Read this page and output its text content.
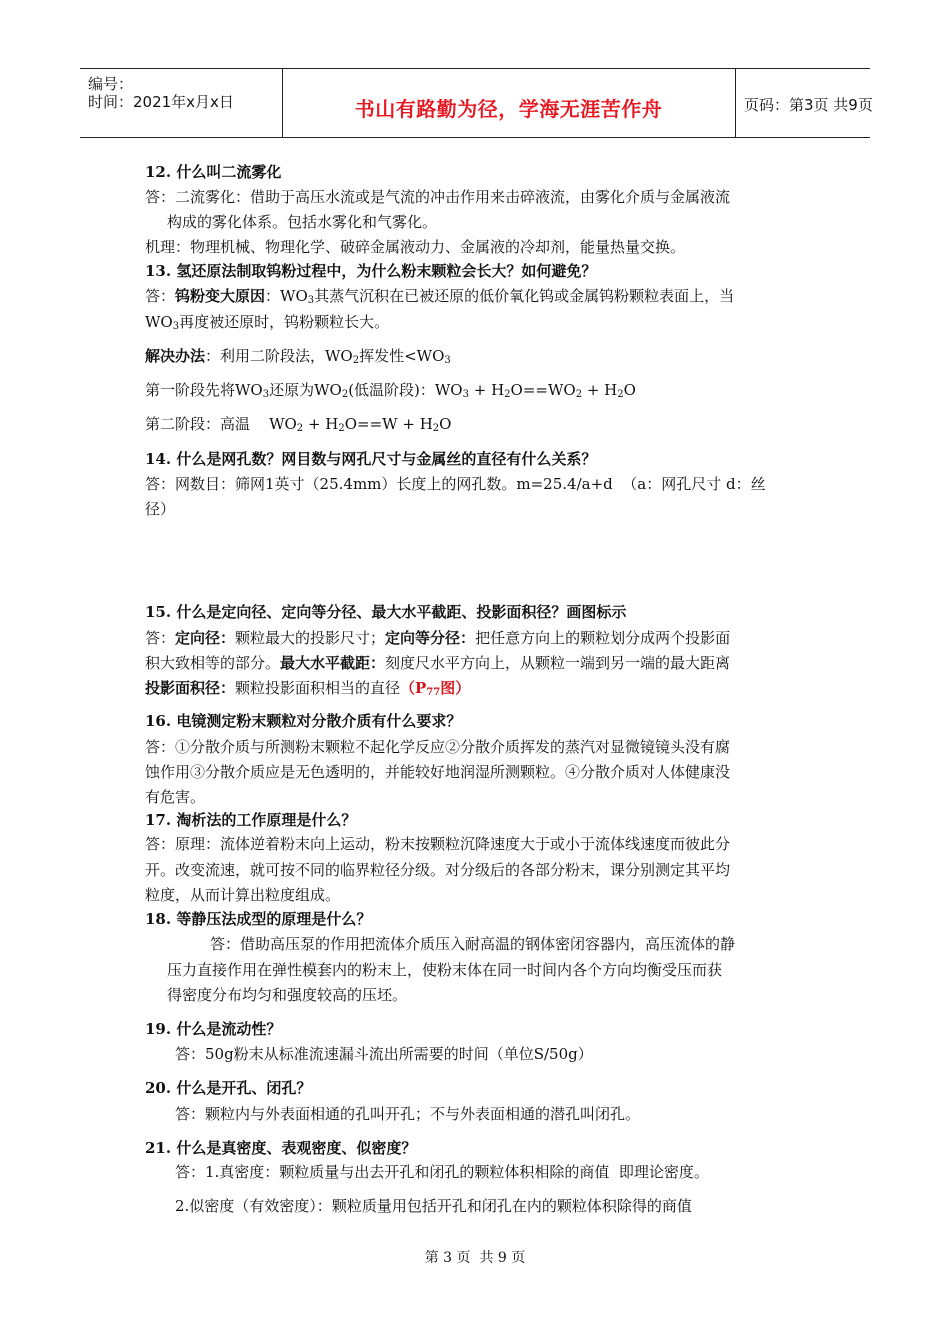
编号：
时间：2021年x月x日	书山有路勤为径，学海无涯苦作舟	页码：第3页 共9页
12. 什么叫二流雾化
答：二流雾化：借助于高压水流或是气流的冲击作用来击碎液流，由雾化介质与金属液流
构成的雾化体系。包括水雾化和气雾化。
机理：物理机械、物理化学、破碎金属液动力、金属液的冷却剂，能量热量交换。
13. 氢还原法制取钨粉过程中，为什么粉末颗粒会长大？如何避免？
答：钨粉变大原因：$WO_3$其蒸气沉积在已被还原的低价氧化钨或金属钨粉颗粒表面上，当
$WO_3$再度被还原时，钨粉颗粒长大。
解决办法：利用二阶段法，$WO_2$挥发性$<WO_3$
第一阶段先将$WO_3$还原为$WO_2$(低温阶段)：$WO_3 + H_2O==WO_2 + H_2O$
第二阶段：高温    $WO_2 + H_2O==W + H_2O$
14. 什么是网孔数？网目数与网孔尺寸与金属丝的直径有什么关系？
答：网数目：筛网1英寸（25.4mm）长度上的网孔数。m=25.4/a+d  （a：网孔尺寸 d：丝
径）
15. 什么是定向径、定向等分径、最大水平截距、投影面积径？画图标示
答：定向径：颗粒最大的投影尺寸；定向等分径：把任意方向上的颗粒划分成两个投影面
积大致相等的部分。最大水平截距：刻度尺水平方向上，从颗粒一端到另一端的最大距离
投影面积径：颗粒投影面积相当的直径（$P_{77}$图）
16. 电镜测定粉末颗粒对分散介质有什么要求？
答：①分散介质与所测粉末颗粒不起化学反应②分散介质挥发的蒸汽对显微镜镜头没有腐
蚀作用③分散介质应是无色透明的，并能较好地润湿所测颗粒。④分散介质对人体健康没
有危害。
17. 淘析法的工作原理是什么？
答：原理：流体逆着粉末向上运动，粉末按颗粒沉降速度大于或小于流体线速度而彼此分
开。改变流速，就可按不同的临界粒径分级。对分级后的各部分粉末，课分别测定其平均
粒度，从而计算出粒度组成。
18. 等静压法成型的原理是什么？
答：借助高压泵的作用把流体介质压入耐高温的钢体密闭容器内，高压流体的静
压力直接作用在弹性模套内的粉末上，使粉末体在同一时间内各个方向均衡受压而获
得密度分布均匀和强度较高的压坯。
19. 什么是流动性？
答：50g粉末从标准流速漏斗流出所需要的时间（单位S/50g）
20. 什么是开孔、闭孔？
答：颗粒内与外表面相通的孔叫开孔；不与外表面相通的潜孔叫闭孔。
21. 什么是真密度、表观密度、似密度？
答：1.真密度：颗粒质量与出去开孔和闭孔的颗粒体积相除的商值  即理论密度。
2.似密度（有效密度）：颗粒质量用包括开孔和闭孔在内的颗粒体积除得的商值
第 3 页  共 9 页
